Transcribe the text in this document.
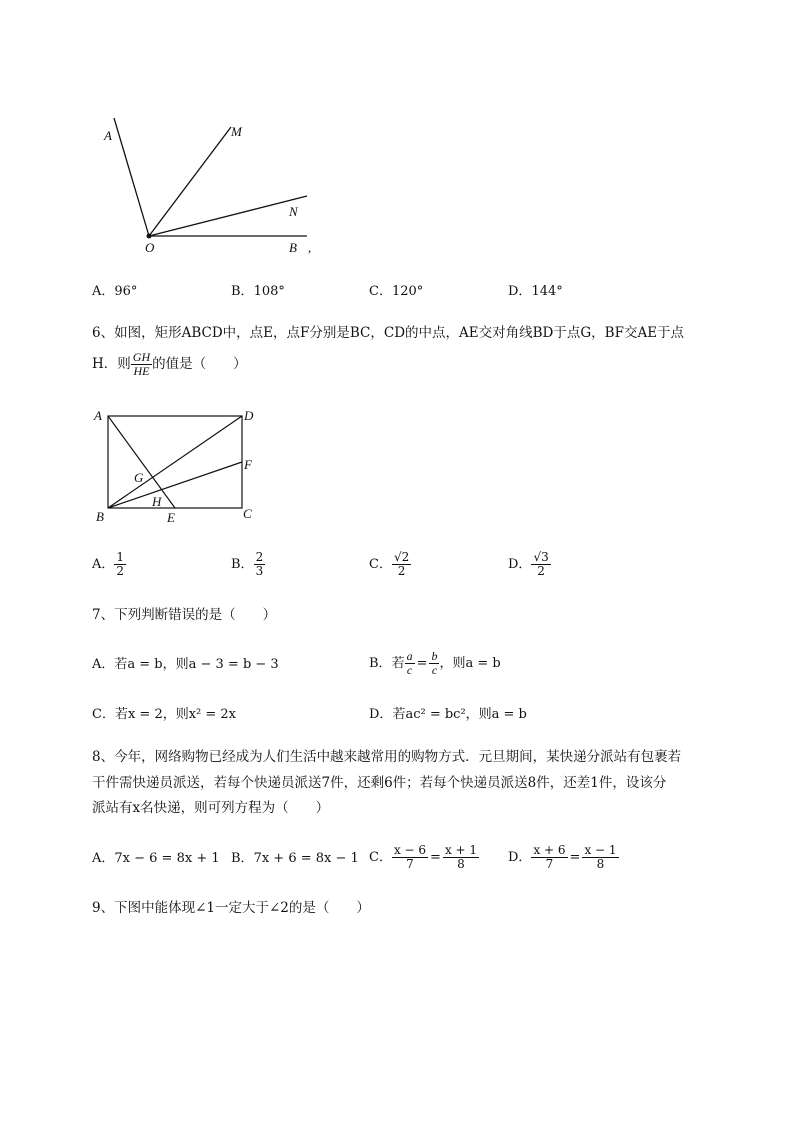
A	M
N
O	B ,
A．96°	B．108°	C．120°	D．144°
6、如图，矩形ABCD中，点E，点F分别是BC，CD的中点，AE交对角线BD于点G，BF交AE于点
H．则 $\frac{GH}{HE}$ 的值是（　　）
A	D
F
G
H
B	E	C
A． $\frac{1}{2}$	B． $\frac{2}{3}$	C． $\frac{√2}{2}$	D． $\frac{√3}{2}$
7、下列判断错误的是（　　）
A．若a = b，则a − 3 = b − 3	B． 若 $\frac{a}{c} = \frac{b}{c}$ ，则a = b
C．若x = 2，则x² = 2x	D．若ac² = bc²，则a = b
8、今年，网络购物已经成为人们生活中越来越常用的购物方式．元旦期间，某快递分派站有包裹若
干件需快递员派送，若每个快递员派送7件，还剩6件；若每个快递员派送8件，还差1件，设该分
派站有x名快递，则可列方程为（　　）
A．7x − 6 = 8x + 1 B．7x + 6 = 8x − 1 C． $\frac{x - 6}{7} = \frac{x + 1}{8}$ D． $\frac{x + 6}{7} = \frac{x - 1}{8}$
9、下图中能体现∠1一定大于∠2的是（　　）
